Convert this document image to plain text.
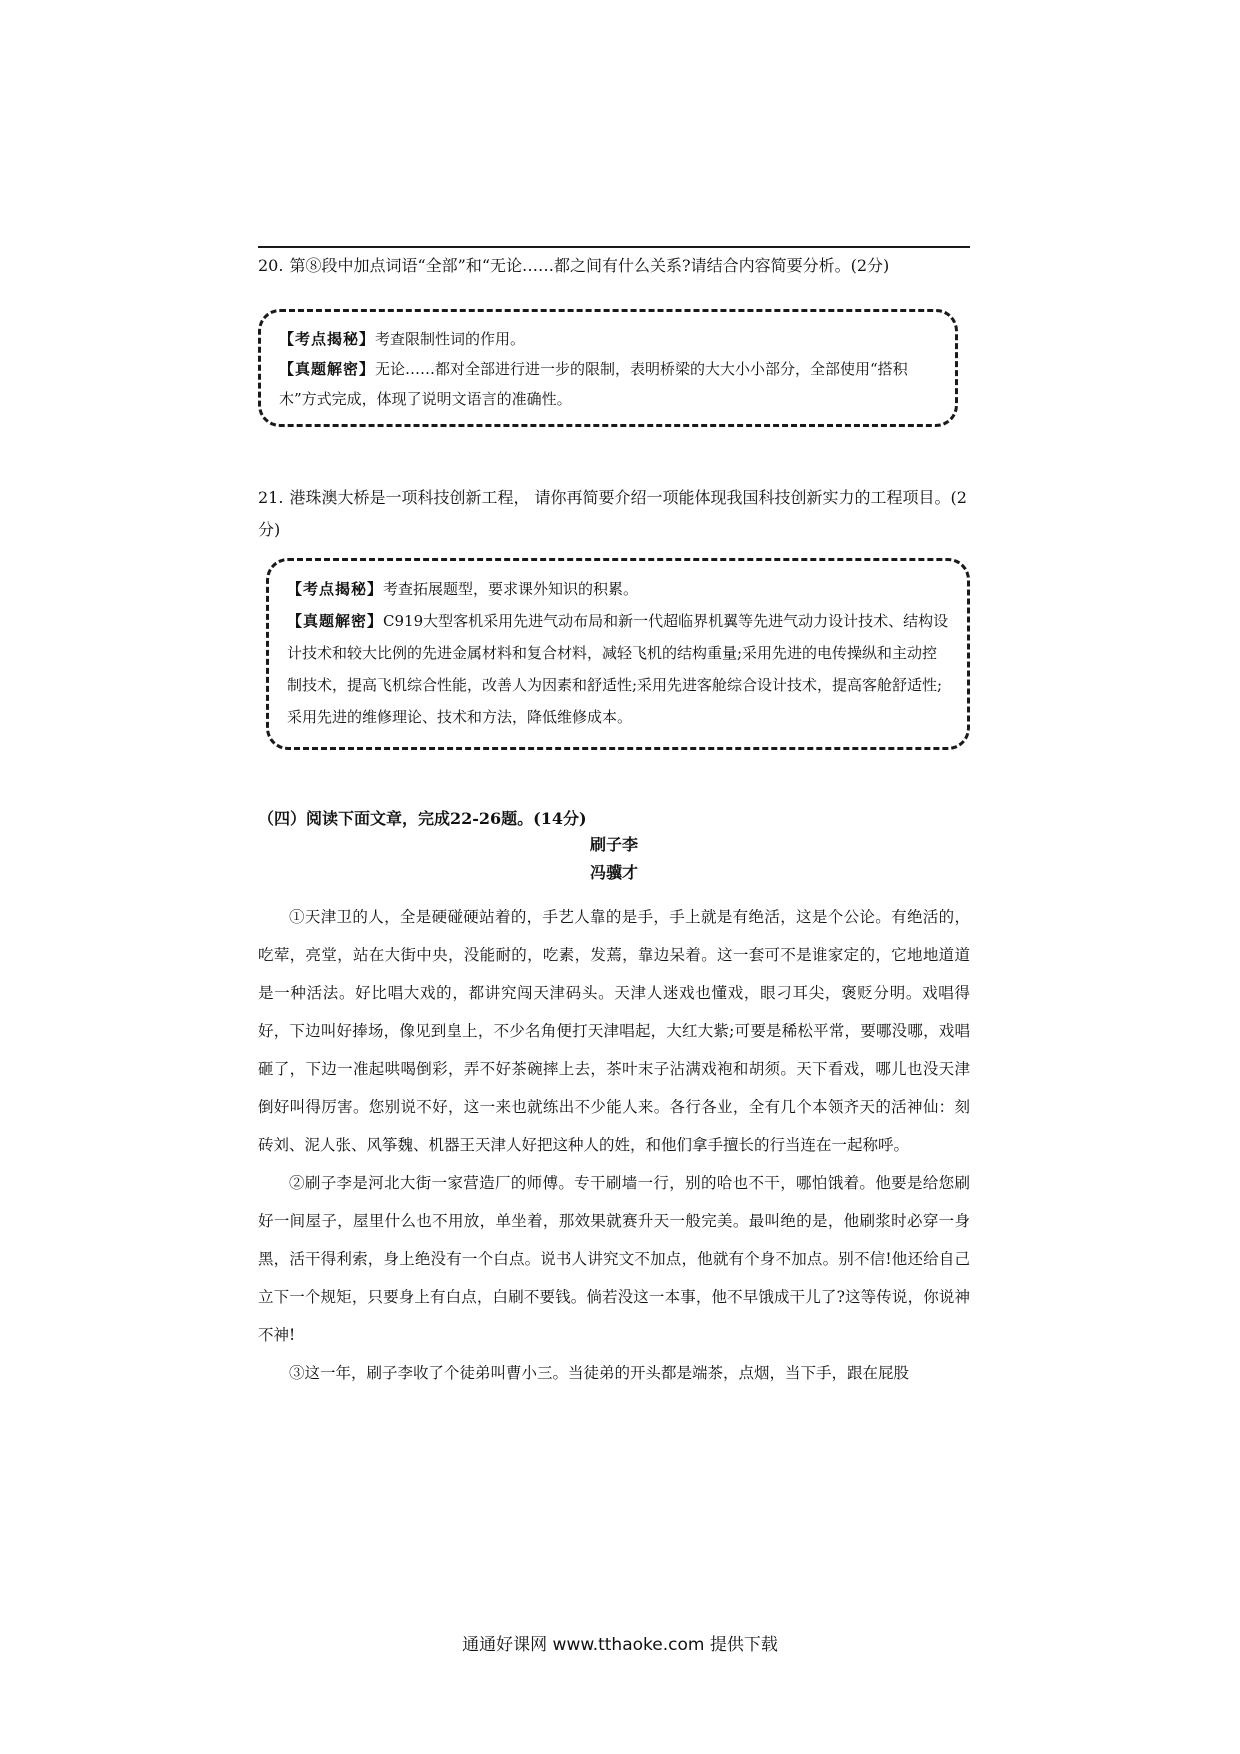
20. 第⑧段中加点词语“全部”和“无论……都之间有什么关系?请结合内容简要分析。(2分)

【考点揭秘】考查限制性词的作用。

【真题解密】无论……都对全部进行进一步的限制，表明桥梁的大大小小部分，全部使用“搭积木”方式完成，体现了说明文语言的准确性。

21. 港珠澳大桥是一项科技创新工程， 请你再简要介绍一项能体现我国科技创新实力的工程项目。(2分)

【考点揭秘】考查拓展题型，要求课外知识的积累。

【真题解密】C919大型客机采用先进气动布局和新一代超临界机翼等先进气动力设计技术、结构设计技术和较大比例的先进金属材料和复合材料，减轻飞机的结构重量;采用先进的电传操纵和主动控制技术，提高飞机综合性能，改善人为因素和舒适性;采用先进客舱综合设计技术，提高客舱舒适性;采用先进的维修理论、技术和方法，降低维修成本。

（四）阅读下面文章，完成22-26题。(14分)
刷子李
冯骥才

①天津卫的人，全是硬碰硬站着的，手艺人靠的是手，手上就是有绝活，这是个公论。有绝活的，吃荤，亮堂，站在大街中央，没能耐的，吃素，发蔫，靠边呆着。这一套可不是谁家定的，它地地道道是一种活法。好比唱大戏的，都讲究闯天津码头。天津人迷戏也懂戏，眼刁耳尖，褒贬分明。戏唱得好，下边叫好捧场，像见到皇上，不少名角便打天津唱起，大红大紫;可要是稀松平常，要哪没哪，戏唱砸了，下边一准起哄喝倒彩，弄不好茶碗摔上去，茶叶末子沾满戏袍和胡须。天下看戏，哪儿也没天津倒好叫得厉害。您别说不好，这一来也就练出不少能人来。各行各业，全有几个本领齐天的活神仙：刻砖刘、泥人张、风筝魏、机器王天津人好把这种人的姓，和他们拿手擅长的行当连在一起称呼。

②刷子李是河北大街一家营造厂的师傅。专干刷墙一行，别的哈也不干，哪怕饿着。他要是给您刷好一间屋子，屋里什么也不用放，单坐着，那效果就赛升天一般完美。最叫绝的是，他刷浆时必穿一身黑，活干得利索，身上绝没有一个白点。说书人讲究文不加点，他就有个身不加点。别不信!他还给自己立下一个规矩，只要身上有白点，白刷不要钱。倘若没这一本事，他不早饿成干儿了?这等传说，你说神不神!

③这一年，刷子李收了个徒弟叫曹小三。当徒弟的开头都是端茶，点烟，当下手，跟在屁股

通通好课网 www.tthaoke.com 提供下载
